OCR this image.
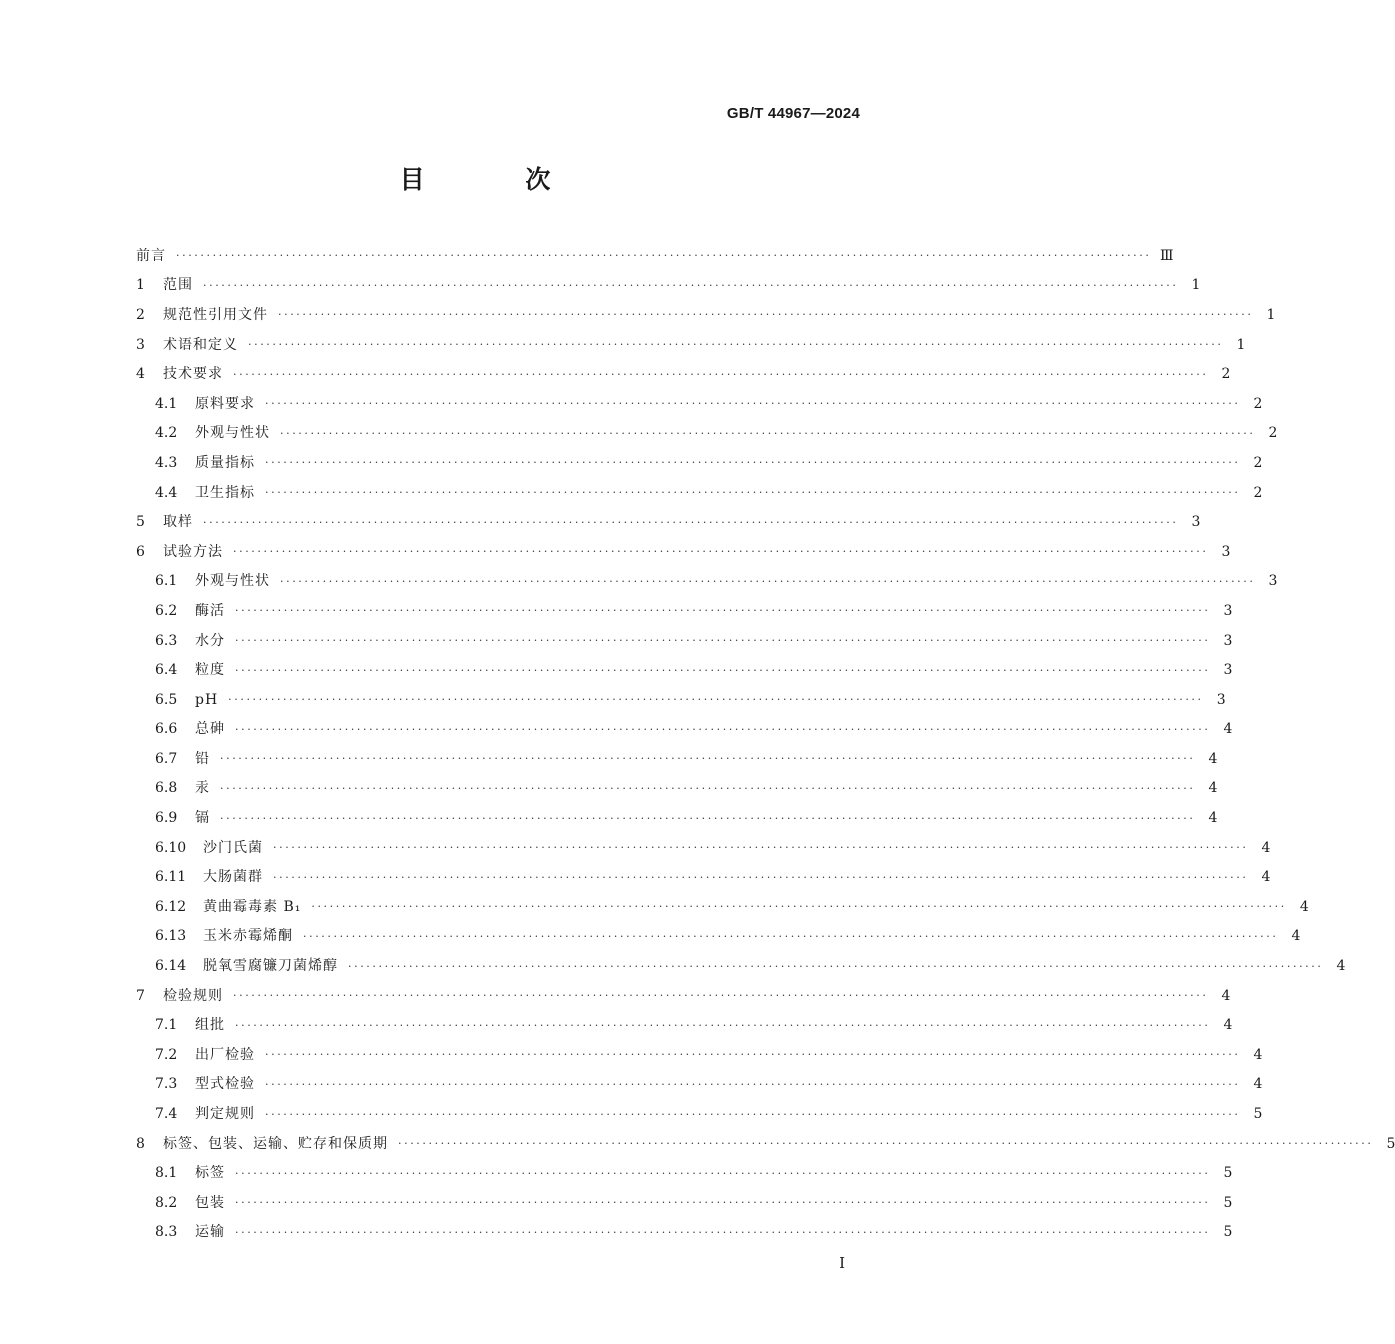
GB/T 44967—2024
目 次
前言 ································································································································································ Ⅲ
1	范围 ································································································································································ 1
2	规范性引用文件 ································································································································································ 1
3	术语和定义 ································································································································································ 1
4	技术要求 ································································································································································ 2
4.1	原料要求 ································································································································································ 2
4.2	外观与性状 ································································································································································ 2
4.3	质量指标 ································································································································································ 2
4.4	卫生指标 ································································································································································ 2
5	取样 ································································································································································ 3
6	试验方法 ································································································································································ 3
6.1	外观与性状 ································································································································································ 3
6.2	酶活 ································································································································································ 3
6.3	水分 ································································································································································ 3
6.4	粒度 ································································································································································ 3
6.5	pH ································································································································································ 3
6.6	总砷 ································································································································································ 4
6.7	铅 ································································································································································ 4
6.8	汞 ································································································································································ 4
6.9	镉 ································································································································································ 4
6.10	沙门氏菌 ································································································································································ 4
6.11	大肠菌群 ································································································································································ 4
6.12	黄曲霉毒素 B₁ ································································································································································ 4
6.13	玉米赤霉烯酮 ································································································································································ 4
6.14	脱氧雪腐镰刀菌烯醇 ································································································································································ 4
7	检验规则 ································································································································································ 4
7.1	组批 ································································································································································ 4
7.2	出厂检验 ································································································································································ 4
7.3	型式检验 ································································································································································ 4
7.4	判定规则 ································································································································································ 5
8	标签、包装、运输、贮存和保质期 ································································································································································ 5
8.1	标签 ································································································································································ 5
8.2	包装 ································································································································································ 5
8.3	运输 ································································································································································ 5
I
